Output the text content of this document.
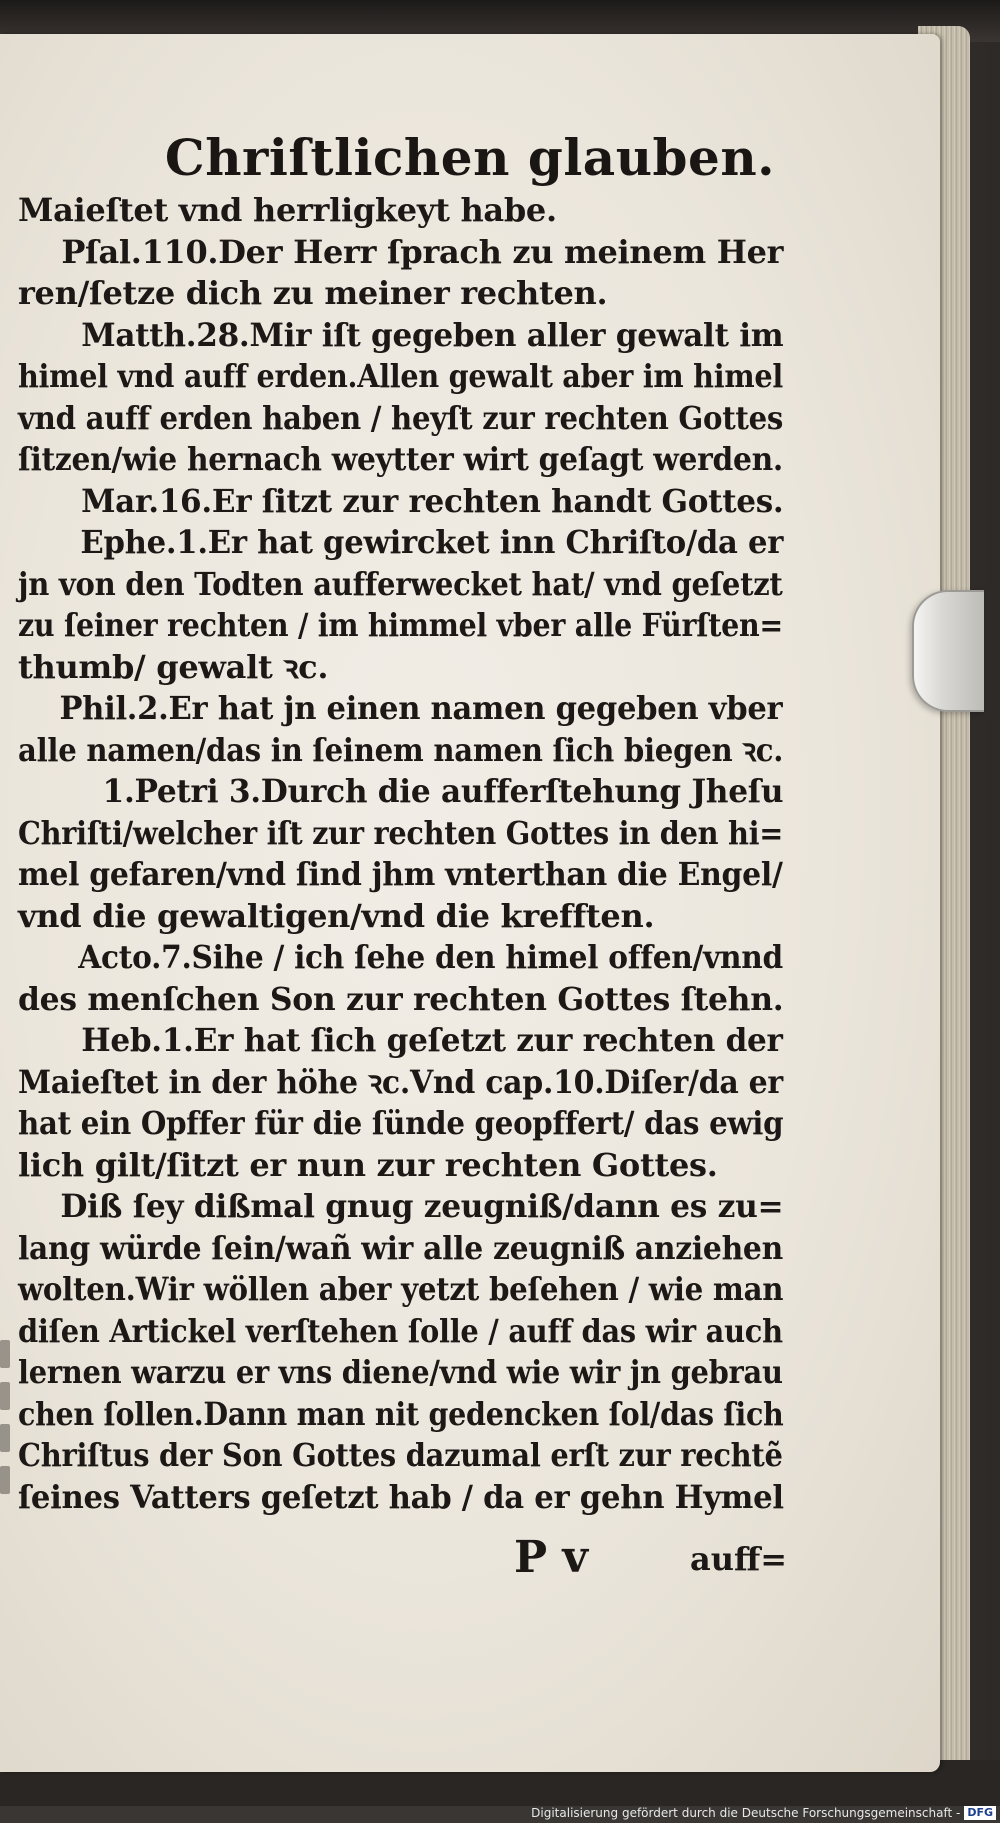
Chriſtlichen glauben.
Maieſtet vnd herrligkeyt habe.
Pſal.110.Der Herr ſprach zu meinem Her
ren/ſetze dich zu meiner rechten.
Matth.28.Mir iſt gegeben aller gewalt im
himel vnd auff erden.Allen gewalt aber im himel
vnd auff erden haben / heyſt zur rechten Gottes
ſitzen/wie hernach weytter wirt geſagt werden.
Mar.16.Er ſitzt zur rechten handt Gottes.
Ephe.1.Er hat gewircket inn Chriſto/da er
jn von den Todten aufferwecket hat/ vnd geſetzt
zu ſeiner rechten / im himmel vber alle Fürſten=
thumb/ gewalt ꝛc.
Phil.2.Er hat jn einen namen gegeben vber
alle namen/das in ſeinem namen ſich biegen ꝛc.
1.Petri 3.Durch die aufferſtehung Jheſu
Chriſti/welcher iſt zur rechten Gottes in den hi=
mel gefaren/vnd ſind jhm vnterthan die Engel/
vnd die gewaltigen/vnd die krefften.
Acto.7.Sihe / ich ſehe den himel offen/vnnd
des menſchen Son zur rechten Gottes ſtehn.
Heb.1.Er hat ſich geſetzt zur rechten der
Maieſtet in der höhe ꝛc.Vnd cap.10.Diſer/da er
hat ein Opffer für die ſünde geopffert/ das ewig
lich gilt/ſitzt er nun zur rechten Gottes.
Diß ſey dißmal gnug zeugniß/dann es zu=
lang würde ſein/wañ wir alle zeugniß anziehen
wolten.Wir wöllen aber yetzt beſehen / wie man
diſen Artickel verſtehen ſolle / auff das wir auch
lernen warzu er vns diene/vnd wie wir jn gebrau
chen ſollen.Dann man nit gedencken ſol/das ſich
Chriſtus der Son Gottes dazumal erſt zur rechtẽ
ſeines Vatters geſetzt hab / da er gehn Hymel
P v	auff=
Digitalisierung gefördert durch die Deutsche Forschungsgemeinschaft - DFG
